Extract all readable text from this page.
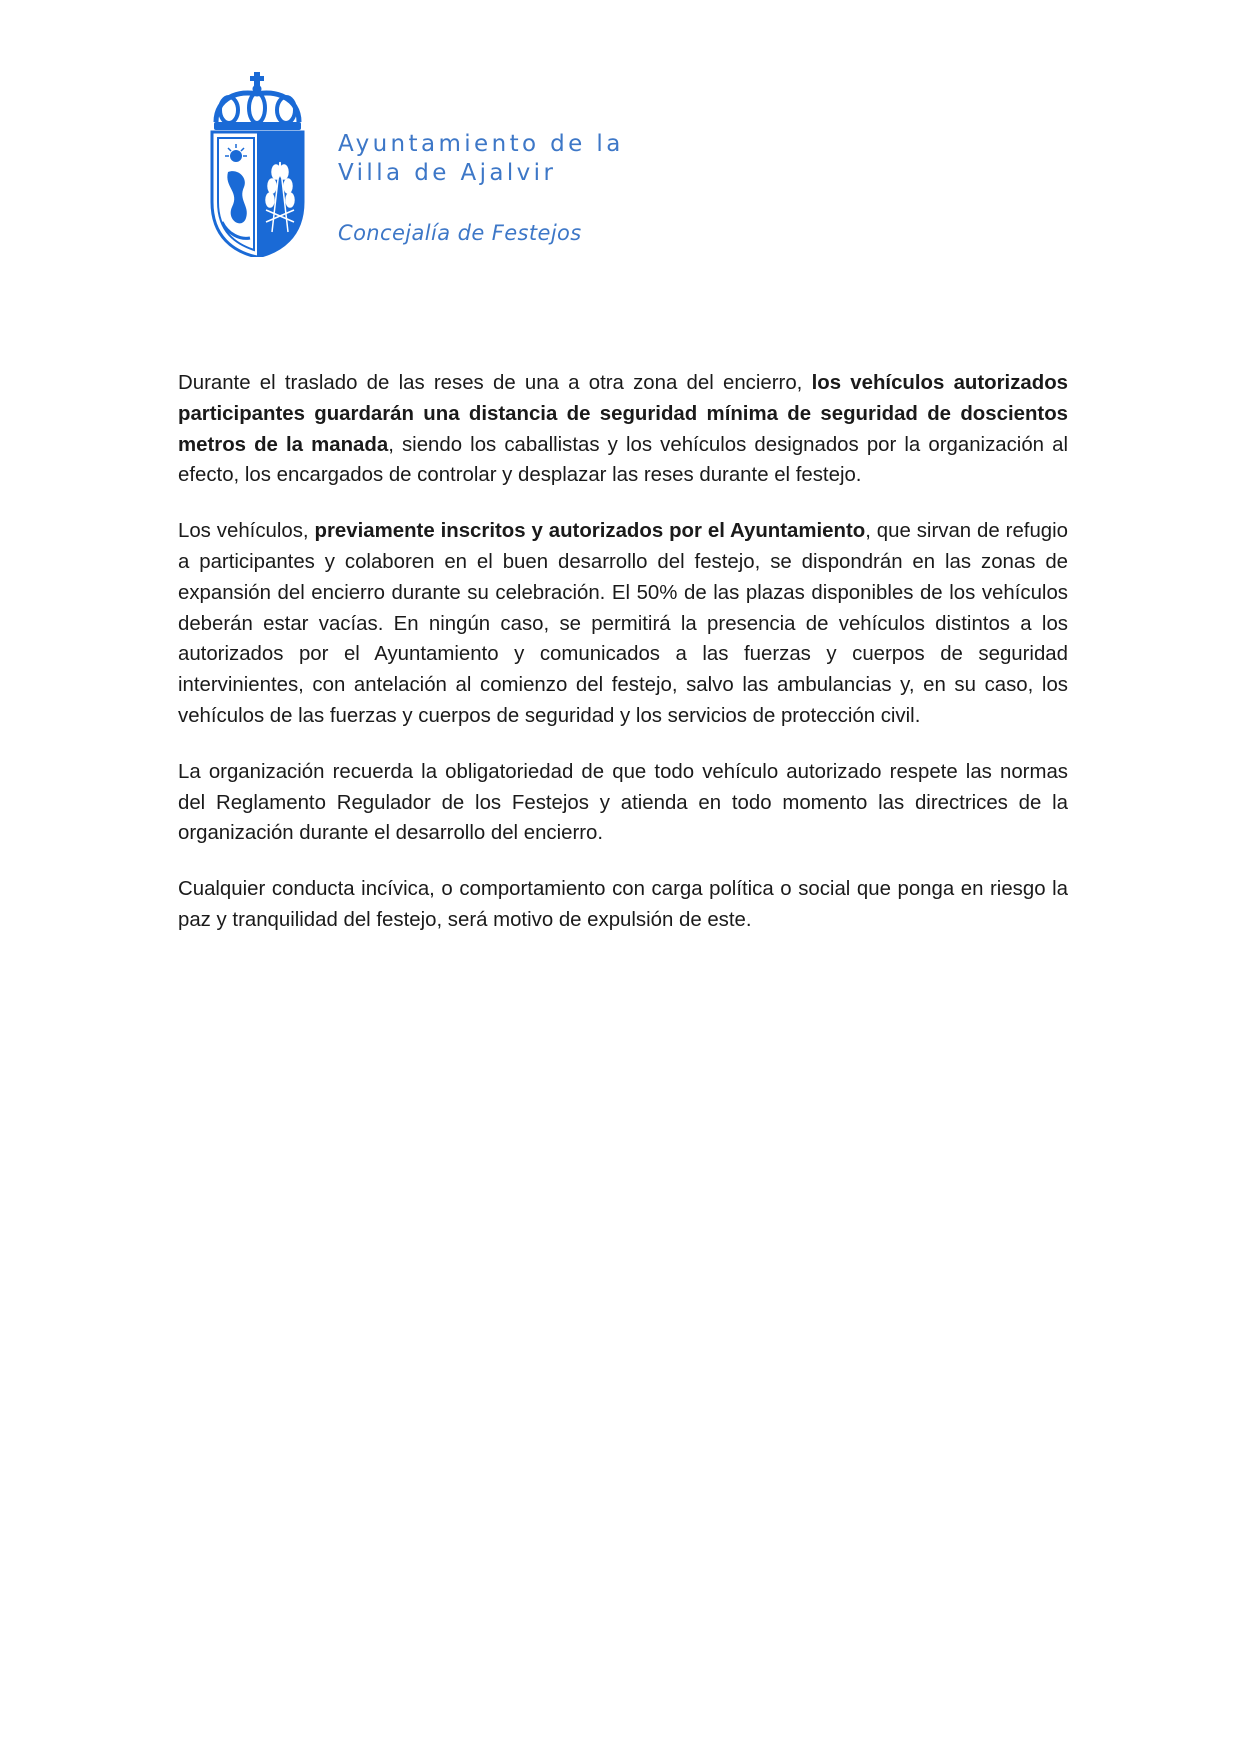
Ayuntamiento de la
Villa de Ajalvir
Concejalía de Festejos

Durante el traslado de las reses de una a otra zona del encierro, los vehículos autorizados participantes guardarán una distancia de seguridad mínima de seguridad de doscientos metros de la manada, siendo los caballistas y los vehículos designados por la organización al efecto, los encargados de controlar y desplazar las reses durante el festejo.

Los vehículos, previamente inscritos y autorizados por el Ayuntamiento, que sirvan de refugio a participantes y colaboren en el buen desarrollo del festejo, se dispondrán en las zonas de expansión del encierro durante su celebración. El 50% de las plazas disponibles de los vehículos deberán estar vacías. En ningún caso, se permitirá la presencia de vehículos distintos a los autorizados por el Ayuntamiento y comunicados a las fuerzas y cuerpos de seguridad intervinientes, con antelación al comienzo del festejo, salvo las ambulancias y, en su caso, los vehículos de las fuerzas y cuerpos de seguridad y los servicios de protección civil.

La organización recuerda la obligatoriedad de que todo vehículo autorizado respete las normas del Reglamento Regulador de los Festejos y atienda en todo momento las directrices de la organización durante el desarrollo del encierro.

Cualquier conducta incívica, o comportamiento con carga política o social que ponga en riesgo la paz y tranquilidad del festejo, será motivo de expulsión de este.
